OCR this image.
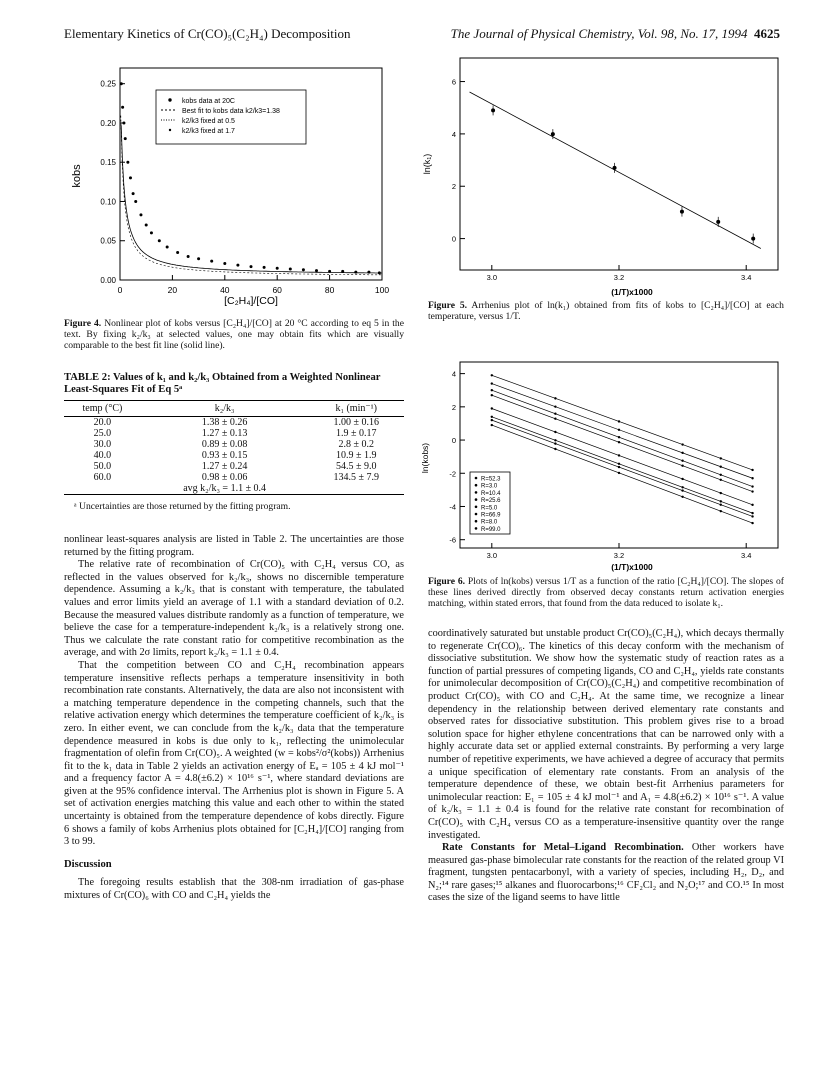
Elementary Kinetics of Cr(CO)₅(C₂H₄) Decomposition	The Journal of Physical Chemistry, Vol. 98, No. 17, 1994 4625
0	20	40	60	80	100
0.00
0.05
0.10
0.15
0.20
0.25
kobs
[C₂H₄]/[CO]
kobs data at 20C
Best fit to kobs data k2/k3=1.38
k2/k3 fixed at 0.5
k2/k3 fixed at 1.7
Figure 4. Nonlinear plot of kobs versus [C₂H₄]/[CO] at 20 °C according to eq 5 in the text. By fixing k₂/k₃ at selected values, one may obtain fits which are visually comparable to the best fit line (solid line).
TABLE 2: Values of k₁ and k₂/k₃ Obtained from a Weighted Nonlinear Least-Squares Fit of Eq 5ᵃ
temp (°C)	k₂/k₃	k₁ (min⁻¹)
20.0	1.38 ± 0.26	1.00 ± 0.16
25.0	1.27 ± 0.13	1.9 ± 0.17
30.0	0.89 ± 0.08	2.8 ± 0.2
40.0	0.93 ± 0.15	10.9 ± 1.9
50.0	1.27 ± 0.24	54.5 ± 9.0
60.0	0.98 ± 0.06	134.5 ± 7.9
	avg k₂/k₃ = 1.1 ± 0.4	
ᵃ Uncertainties are those returned by the fitting program.

nonlinear least-squares analysis are listed in Table 2. The uncertainties are those returned by the fitting program.

The relative rate of recombination of Cr(CO)₅ with C₂H₄ versus CO, as reflected in the values observed for k₂/k₃, shows no discernible temperature dependence. Assuming a k₂/k₃ that is constant with temperature, the tabulated values and error limits yield an average of 1.1 with a standard deviation of 0.2. Because the measured values distribute randomly as a function of temperature, we believe the case for a temperature-independent k₂/k₃ is a relatively strong one. Thus we calculate the rate constant ratio for competitive recombination as the average, and with 2σ limits, report k₂/k₃ = 1.1 ± 0.4.

That the competition between CO and C₂H₄ recombination appears temperature insensitive reflects perhaps a temperature insensitivity in both recombination rate constants. Alternatively, the data are also not inconsistent with a matching temperature dependence in the competing channels, such that the relative activation energy which determines the temperature coefficient of k₂/k₃ is zero. In either event, we can conclude from the k₂/k₃ data that the temperature dependence measured in kobs is due only to k₁, reflecting the unimolecular fragmentation of olefin from Cr(CO)₅. A weighted (w = kobs²/σ²(kobs)) Arrhenius fit to the k₁ data in Table 2 yields an activation energy of Eₐ = 105 ± 4 kJ mol⁻¹ and a frequency factor A = 4.8(±6.2) × 10¹⁶ s⁻¹, where standard deviations are given at the 95% confidence interval. The Arrhenius plot is shown in Figure 5. A set of activation energies matching this value and each other to within the stated uncertainty is obtained from the temperature dependence of kobs directly. Figure 6 shows a family of kobs Arrhenius plots obtained for [C₂H₄]/[CO] ranging from 3 to 99.

Discussion

The foregoing results establish that the 308-nm irradiation of gas-phase mixtures of Cr(CO)₆ with CO and C₂H₄ yields the

3.0	3.2	3.4
6
4
2
0
ln(k₁)
(1/T)x1000
Figure 5. Arrhenius plot of ln(k₁) obtained from fits of kobs to [C₂H₄]/[CO] at each temperature, versus 1/T.
3.0	3.2	3.4
4
2
0
-2
-4
-6
ln(kobs)
(1/T)x1000
R=52.3
R=3.0
R=10.4
R=25.6
R=5.0
R=66.9
R=8.0
R=99.0
Figure 6. Plots of ln(kobs) versus 1/T as a function of the ratio [C₂H₄]/[CO]. The slopes of these lines derived directly from observed decay constants return activation energies matching, within stated errors, that found from the data reduced to isolate k₁.

coordinatively saturated but unstable product Cr(CO)₅(C₂H₄), which decays thermally to regenerate Cr(CO)₆. The kinetics of this decay conform with the mechanism of dissociative substitution. We show how the systematic study of reaction rates as a function of partial pressures of competing ligands, CO and C₂H₄, yields rate constants for unimolecular decomposition of Cr(CO)₅(C₂H₄) and competitive recombination of product Cr(CO)₅ with CO and C₂H₄. At the same time, we recognize a linear dependency in the relationship between derived elementary rate constants and observed rates for dissociative substitution. This problem gives rise to a broad solution space for higher ethylene concentrations that can be narrowed only with a highly accurate data set or applied external constraints. By performing a very large number of repetitive experiments, we have achieved a degree of accuracy that permits a unique specification of elementary rate constants. From an analysis of the temperature dependence of these, we obtain best-fit Arrhenius parameters for unimolecular reaction: E₁ = 105 ± 4 kJ mol⁻¹ and A₁ = 4.8(±6.2) × 10¹⁶ s⁻¹. A value of k₂/k₃ = 1.1 ± 0.4 is found for the relative rate constant for recombination of Cr(CO)₅ with C₂H₄ versus CO as a temperature-insensitive quantity over the range investigated.

Rate Constants for Metal–Ligand Recombination. Other workers have measured gas-phase bimolecular rate constants for the reaction of the related group VI fragment, tungsten pentacarbonyl, with a variety of species, including H₂, D₂, and N₂;¹⁴ rare gases;¹⁵ alkanes and fluorocarbons;¹⁶ CF₂Cl₂ and N₂O;¹⁷ and CO.¹⁵ In most cases the size of the ligand seems to have little
